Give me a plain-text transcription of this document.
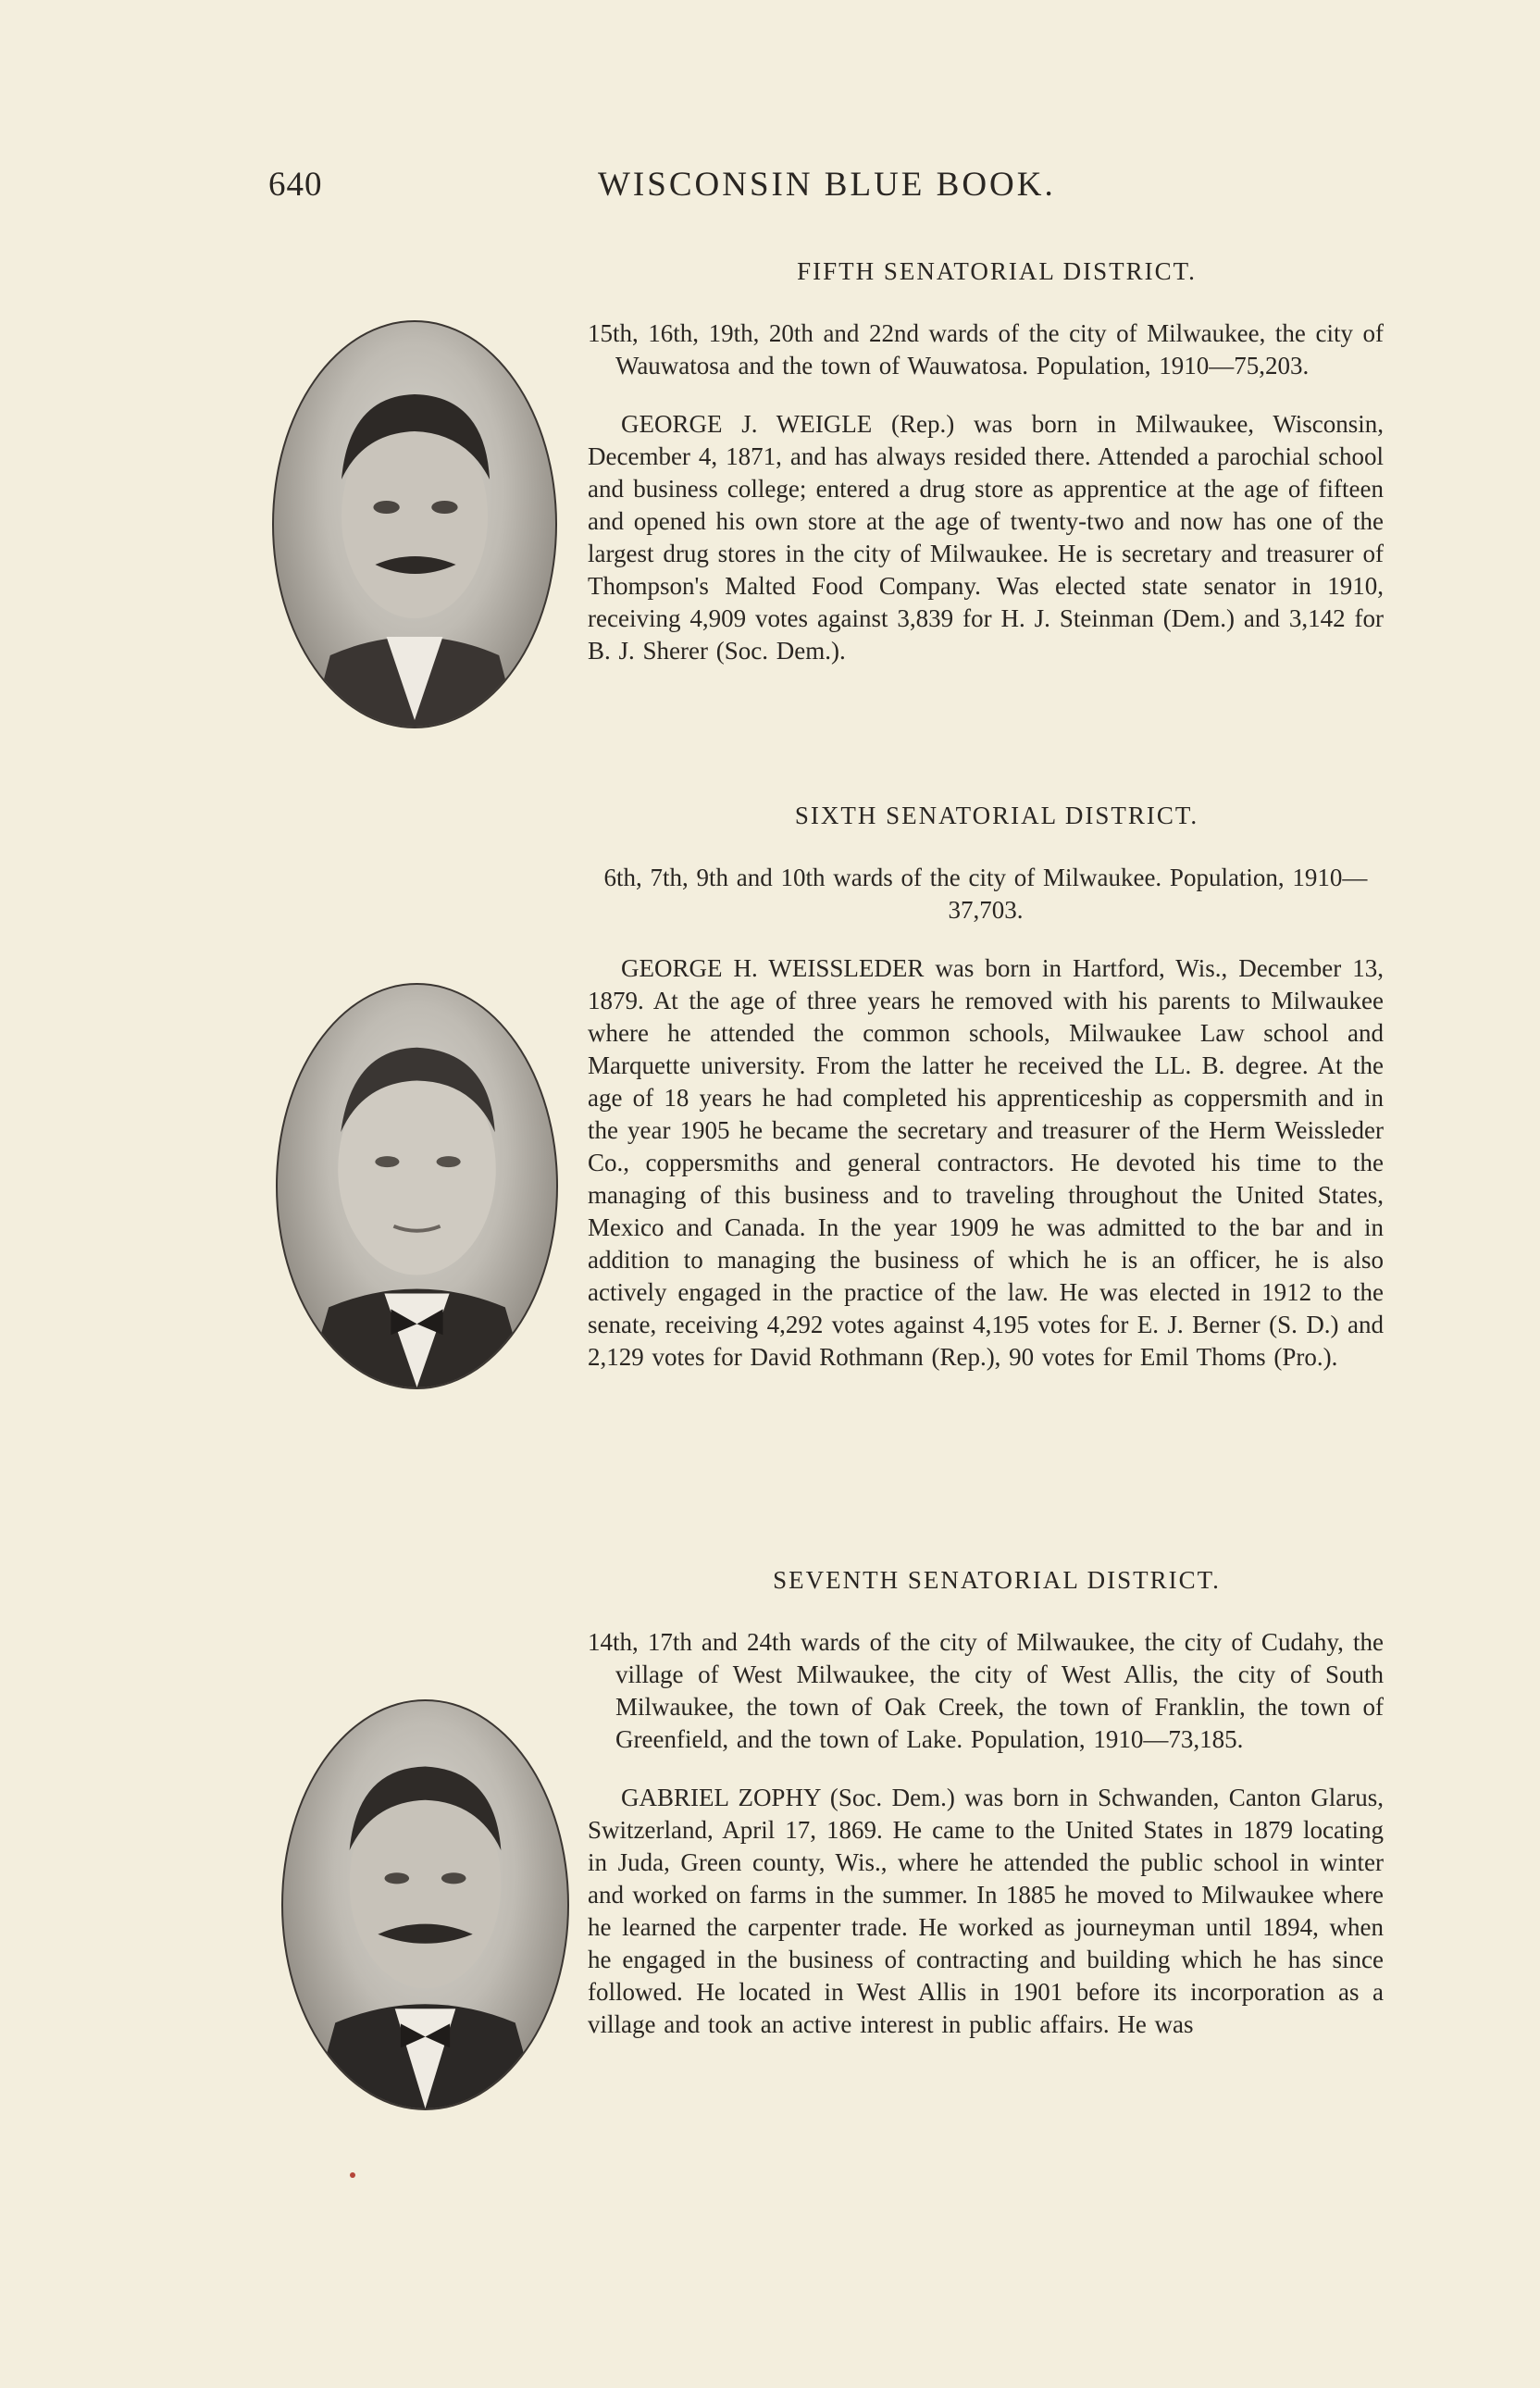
640	WISCONSIN BLUE BOOK.
FIFTH SENATORIAL DISTRICT.

15th, 16th, 19th, 20th and 22nd wards of the city of Milwaukee, the city of Wauwatosa and the town of Wauwatosa. Population, 1910—75,203.

GEORGE J. WEIGLE (Rep.) was born in Milwaukee, Wisconsin, December 4, 1871, and has always resided there. Attended a parochial school and business college; entered a drug store as apprentice at the age of fifteen and opened his own store at the age of twenty-two and now has one of the largest drug stores in the city of Milwaukee. He is secretary and treasurer of Thompson's Malted Food Company. Was elected state senator in 1910, receiving 4,909 votes against 3,839 for H. J. Steinman (Dem.) and 3,142 for B. J. Sherer (Soc. Dem.).

SIXTH SENATORIAL DISTRICT.

6th, 7th, 9th and 10th wards of the city of Milwaukee. Population, 1910—37,703.

GEORGE H. WEISSLEDER was born in Hartford, Wis., December 13, 1879. At the age of three years he removed with his parents to Milwaukee where he attended the common schools, Milwaukee Law school and Marquette university. From the latter he received the LL. B. degree. At the age of 18 years he had completed his apprenticeship as coppersmith and in the year 1905 he became the secretary and treasurer of the Herm Weissleder Co., coppersmiths and general contractors. He devoted his time to the managing of this business and to traveling throughout the United States, Mexico and Canada. In the year 1909 he was admitted to the bar and in addition to managing the business of which he is an officer, he is also actively engaged in the practice of the law. He was elected in 1912 to the senate, receiving 4,292 votes against 4,195 votes for E. J. Berner (S. D.) and 2,129 votes for David Rothmann (Rep.), 90 votes for Emil Thoms (Pro.).

SEVENTH SENATORIAL DISTRICT.

14th, 17th and 24th wards of the city of Milwaukee, the city of Cudahy, the village of West Milwaukee, the city of West Allis, the city of South Milwaukee, the town of Oak Creek, the town of Franklin, the town of Greenfield, and the town of Lake. Population, 1910—73,185.

GABRIEL ZOPHY (Soc. Dem.) was born in Schwanden, Canton Glarus, Switzerland, April 17, 1869. He came to the United States in 1879 locating in Juda, Green county, Wis., where he attended the public school in winter and worked on farms in the summer. In 1885 he moved to Milwaukee where he learned the carpenter trade. He worked as journeyman until 1894, when he engaged in the business of contracting and building which he has since followed. He located in West Allis in 1901 before its incorporation as a village and took an active interest in public affairs. He was
